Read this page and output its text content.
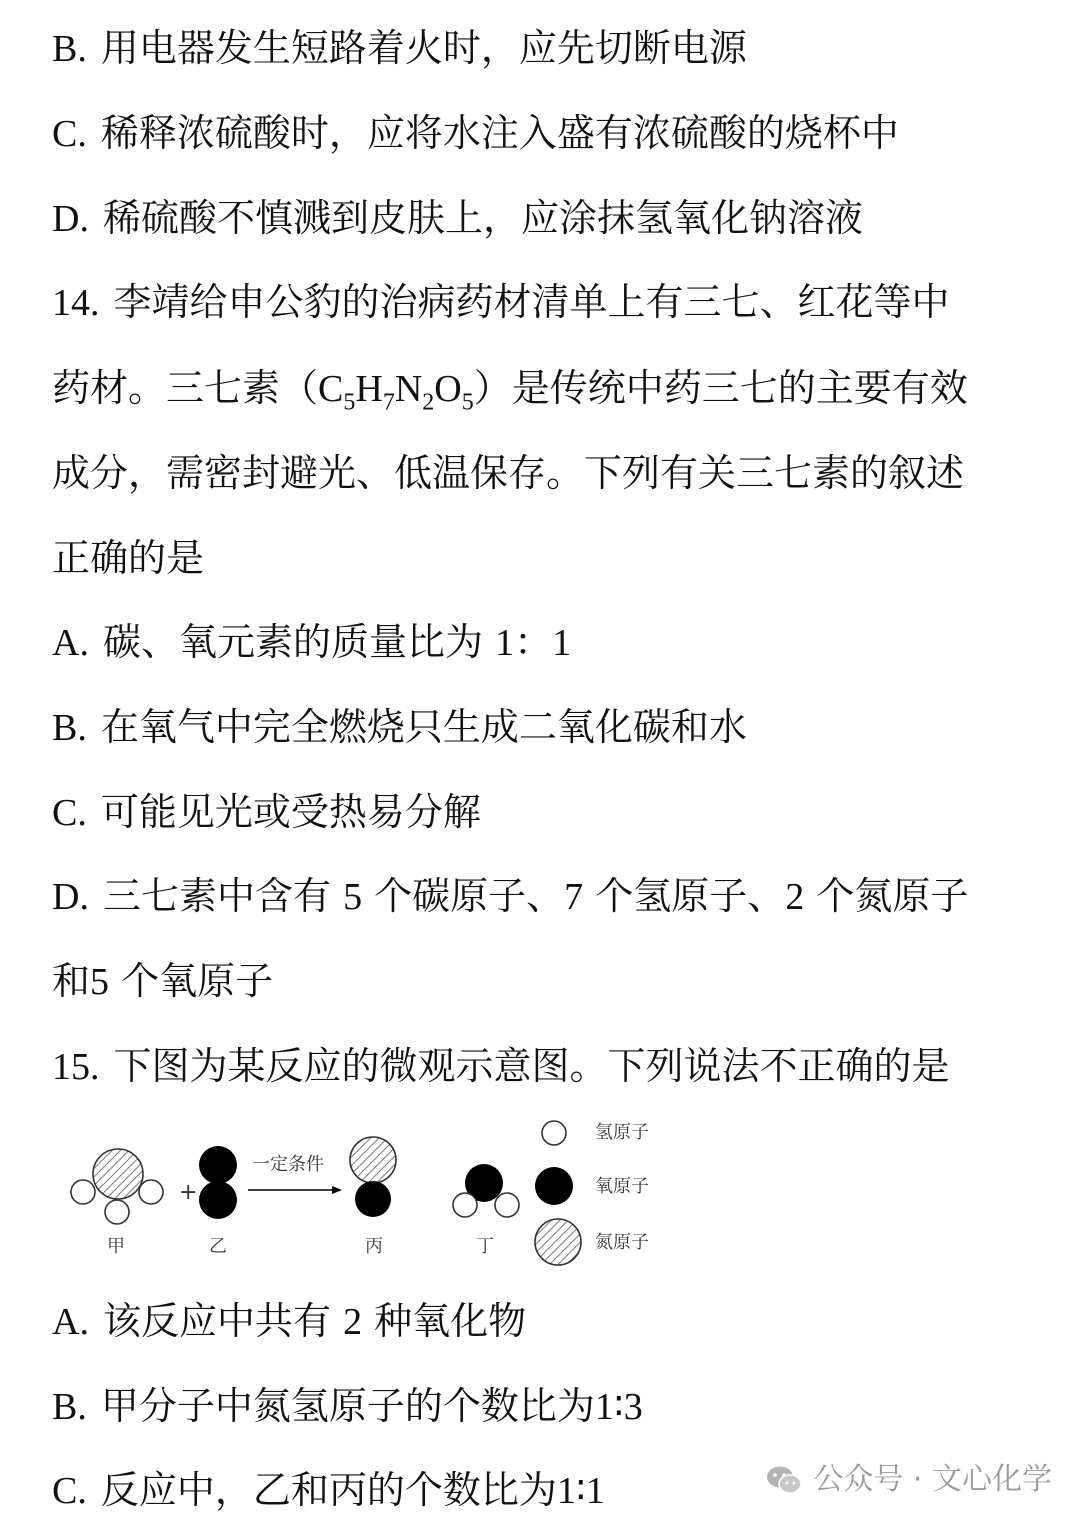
B. 用电器发生短路着火时，应先切断电源
C. 稀释浓硫酸时，应将水注入盛有浓硫酸的烧杯中
D. 稀硫酸不慎溅到皮肤上，应涂抹氢氧化钠溶液
14. 李靖给申公豹的治病药材清单上有三七、红花等中
药材。三七素$(C_5H_7N_2O_5)$是传统中药三七的主要有效
成分，需密封避光、低温保存。下列有关三七素的叙述
正确的是
A. 碳、氧元素的质量比为 1：1
B. 在氧气中完全燃烧只生成二氧化碳和水
C. 可能见光或受热易分解
D. 三七素中含有 5 个碳原子、7 个氢原子、2 个氮原子
和5 个氧原子
15. 下图为某反应的微观示意图。下列说法不正确的是
+
一定条件
甲	乙	丙	丁
氢原子
氧原子
氮原子
A. 该反应中共有 2 种氧化物
B. 甲分子中氮氢原子的个数比为1∶3
C. 反应中，乙和丙的个数比为1∶1	公众号 · 文心化学
